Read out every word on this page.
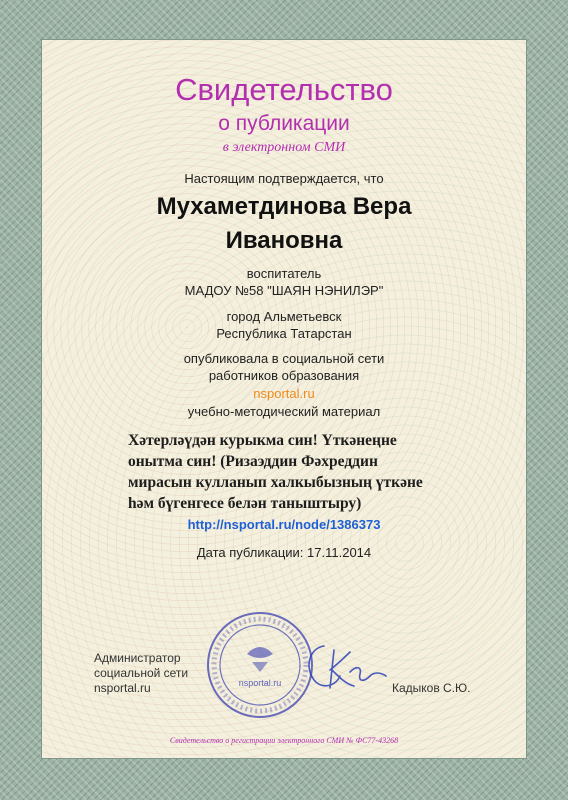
Свидетельство
о публикации
в электронном СМИ
Настоящим подтверждается, что
Мухаметдинова Вера
Ивановна
воспитатель
МАДОУ №58 "ШАЯН НЭНИЛЭР"
город Альметьевск
Республика Татарстан
опубликовала в социальной сети
работников образования
nsportal.ru
учебно-методический материал
Хәтерләүдән курыкма син! Үткәнеңне онытма син! (Ризаэддин Фәхреддин мирасын кулланып халкыбызның үткәне һәм бүгенгесе белән таныштыру)
http://nsportal.ru/node/1386373
Дата публикации: 17.11.2014
Администратор
социальной сети
nsportal.ru	nsportal.ru	Кадыков С.Ю.
Свидетельство о регистрации электронного СМИ № ФС77-43268
